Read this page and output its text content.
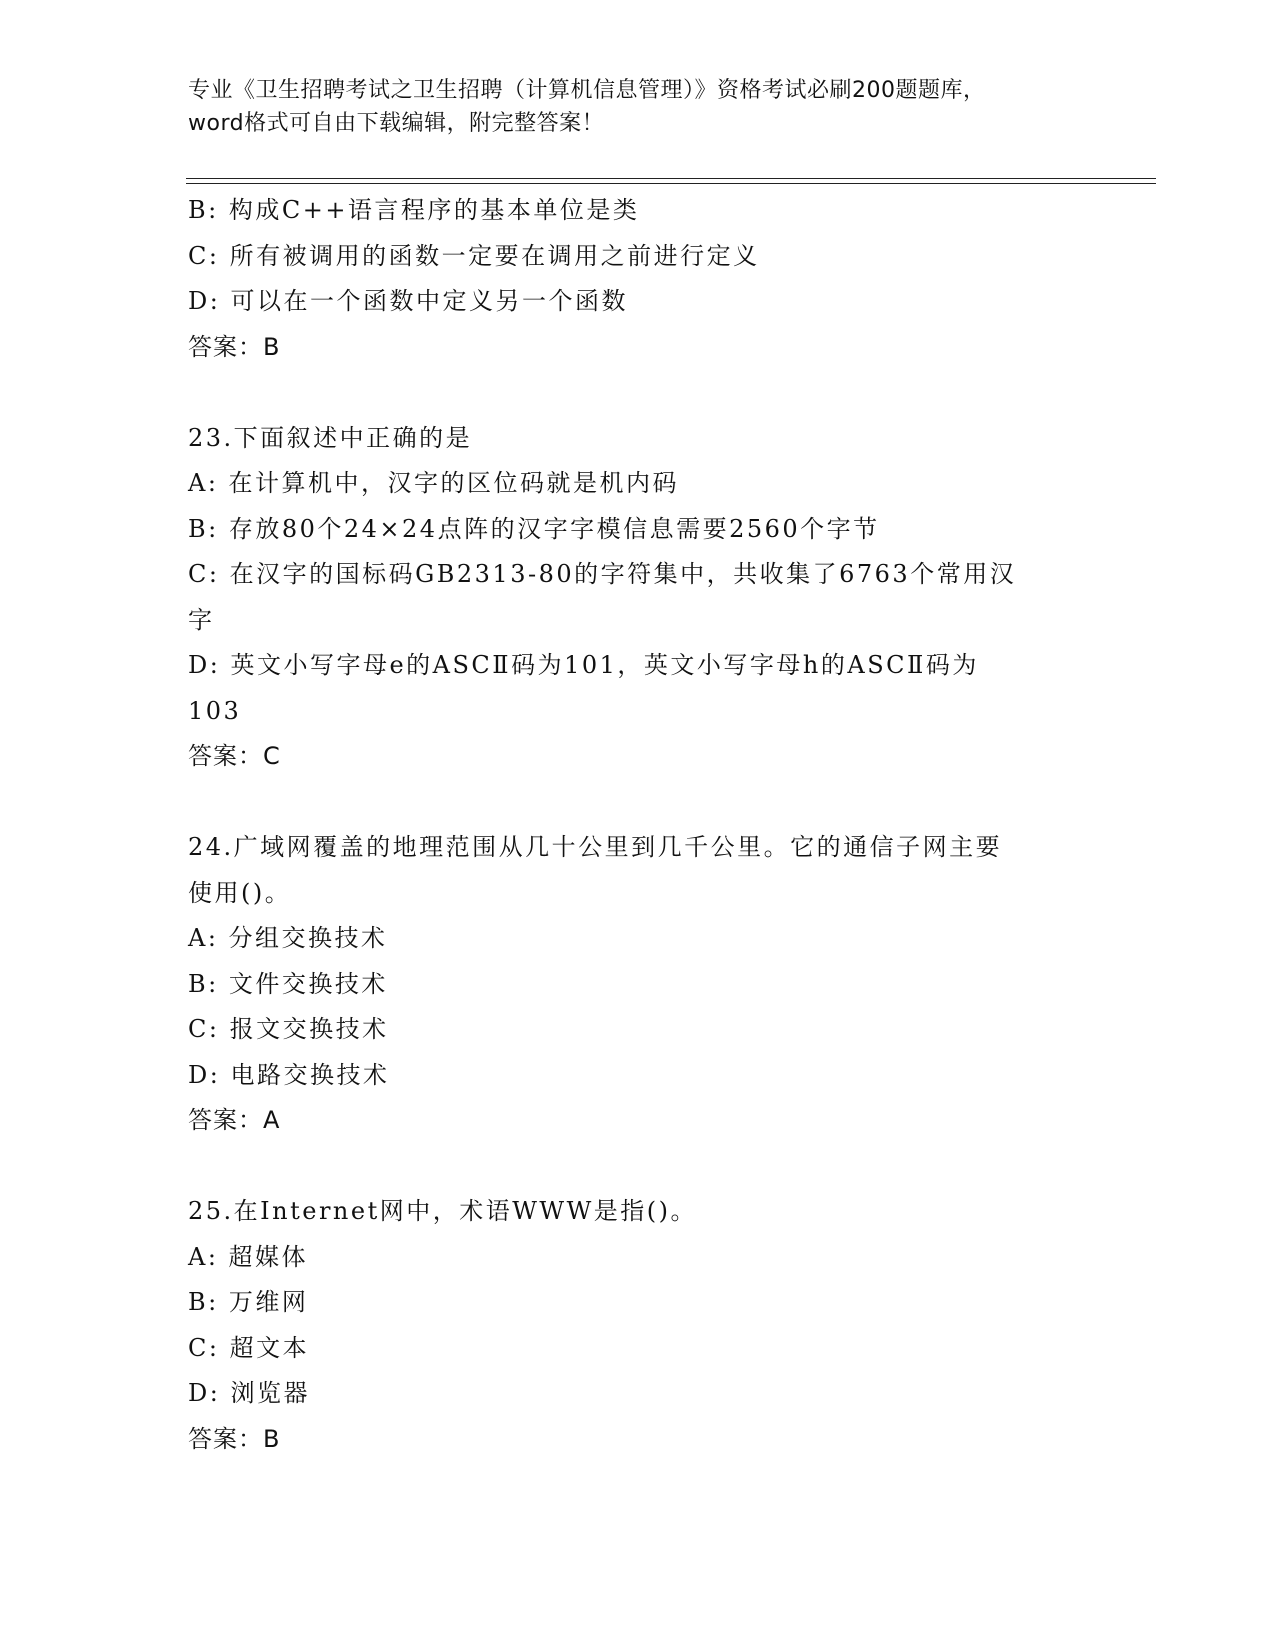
专业《卫生招聘考试之卫生招聘（计算机信息管理）》资格考试必刷200题题库，
word格式可自由下载编辑，附完整答案！
B: 构成C++语言程序的基本单位是类
C: 所有被调用的函数一定要在调用之前进行定义
D: 可以在一个函数中定义另一个函数
答案：B
23.下面叙述中正确的是
A: 在计算机中，汉字的区位码就是机内码
B: 存放80个24×24点阵的汉字字模信息需要2560个字节
C: 在汉字的国标码GB2313-80的字符集中，共收集了6763个常用汉
字
D: 英文小写字母e的ASCⅡ码为101，英文小写字母h的ASCⅡ码为
103
答案：C
24.广域网覆盖的地理范围从几十公里到几千公里。它的通信子网主要
使用()。
A: 分组交换技术
B: 文件交换技术
C: 报文交换技术
D: 电路交换技术
答案：A
25.在Internet网中，术语WWW是指()。
A: 超媒体
B: 万维网
C: 超文本
D: 浏览器
答案：B
